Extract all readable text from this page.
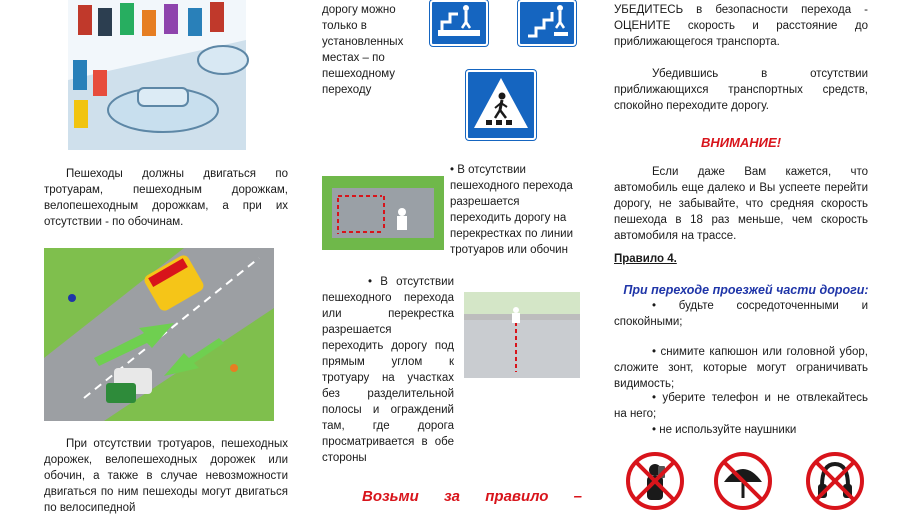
Пешеходы должны двигаться по тротуарам, пешеходным дорожкам, велопешеходным дорожкам, а при их отсутствии - по обочинам.

При отсутствии тротуаров, пешеходных дорожек, велопешеходных дорожек или обочин, а также в случае невозможности двигаться по ним пешеходы могут двигаться по велосипедной

дорогу можно только в установленных местах – по пешеходному переходу

• В отсутствии пешеходного перехода разрешается переходить дорогу на перекрестках по линии тротуаров или обочин

• В отсутствии пешеходного перехода или перекрестка разрешается переходить дорогу под прямым углом к тротуару на участках без разделительной полосы и ограждений там, где дорога просматривается в обе стороны

Возьми за правило –

УБЕДИТЕСЬ в безопасности перехода - ОЦЕНИТЕ скорость и расстояние до приближающегося транспорта.

Убедившись в отсутствии приближающихся транспортных средств, спокойно переходите дорогу.

ВНИМАНИЕ!

Если даже Вам кажется, что автомобиль еще далеко и Вы успеете перейти дорогу, не забывайте, что средняя скорость пешехода в 18 раз меньше, чем скорость автомобиля на трассе.

Правило 4.

При переходе проезжей части дороги:

• будьте сосредоточенными и спокойными;

• снимите капюшон или головной убор, сложите зонт, которые могут ограничивать видимость;

• уберите телефон и не отвлекайтесь на него;

• не используйте наушники
